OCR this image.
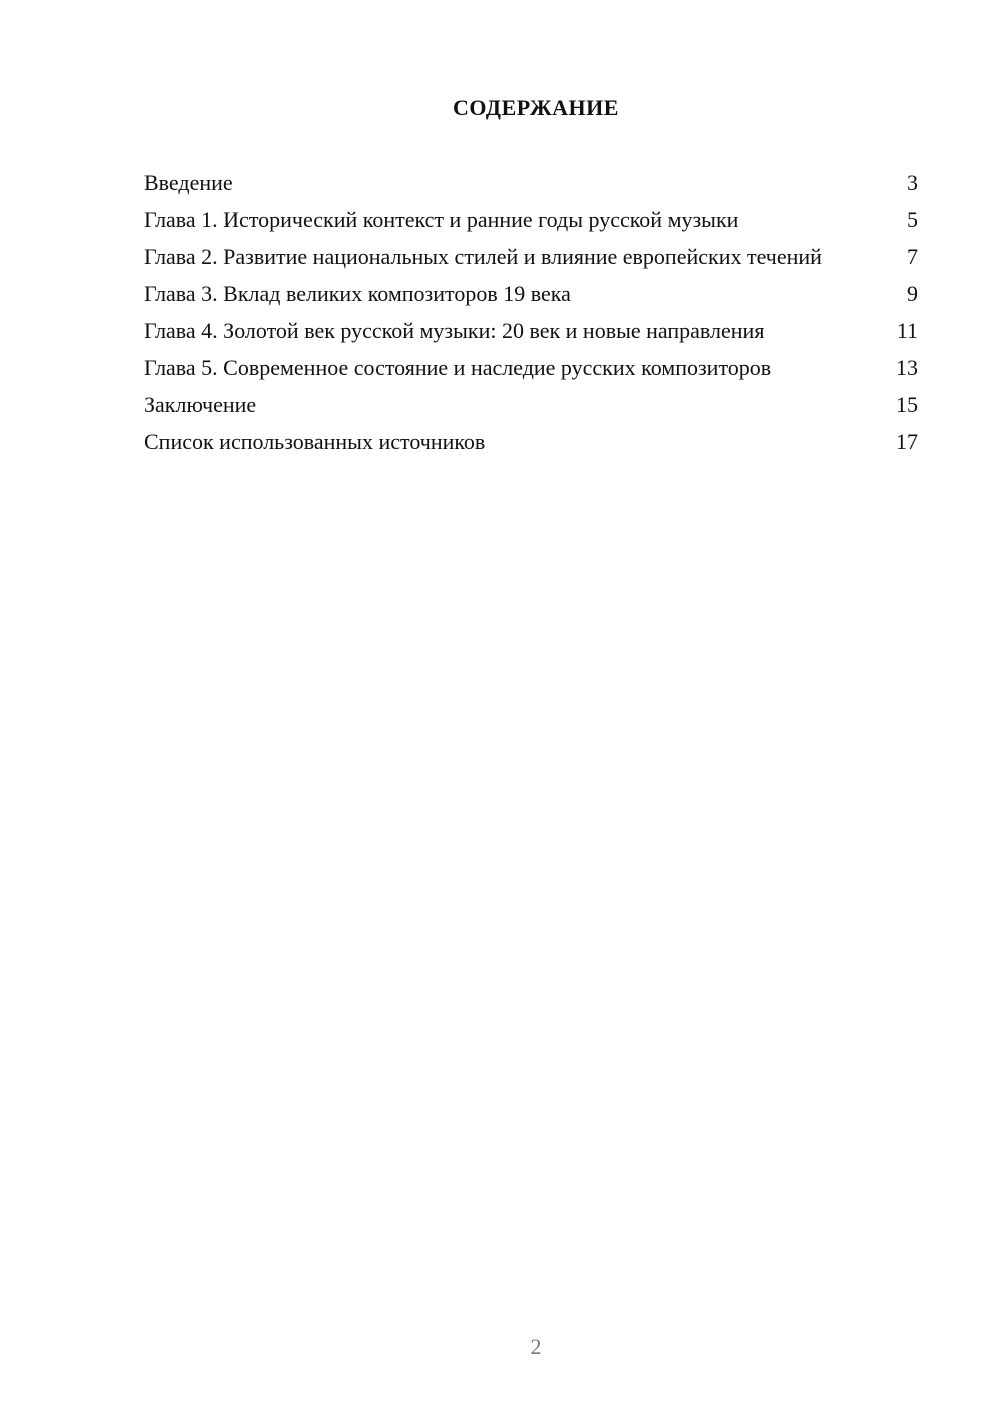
СОДЕРЖАНИЕ
Введение	3
Глава 1. Исторический контекст и ранние годы русской музыки	5
Глава 2. Развитие национальных стилей и влияние европейских течений	7
Глава 3. Вклад великих композиторов 19 века	9
Глава 4. Золотой век русской музыки: 20 век и новые направления	11
Глава 5. Современное состояние и наследие русских композиторов	13
Заключение	15
Список использованных источников	17
2
